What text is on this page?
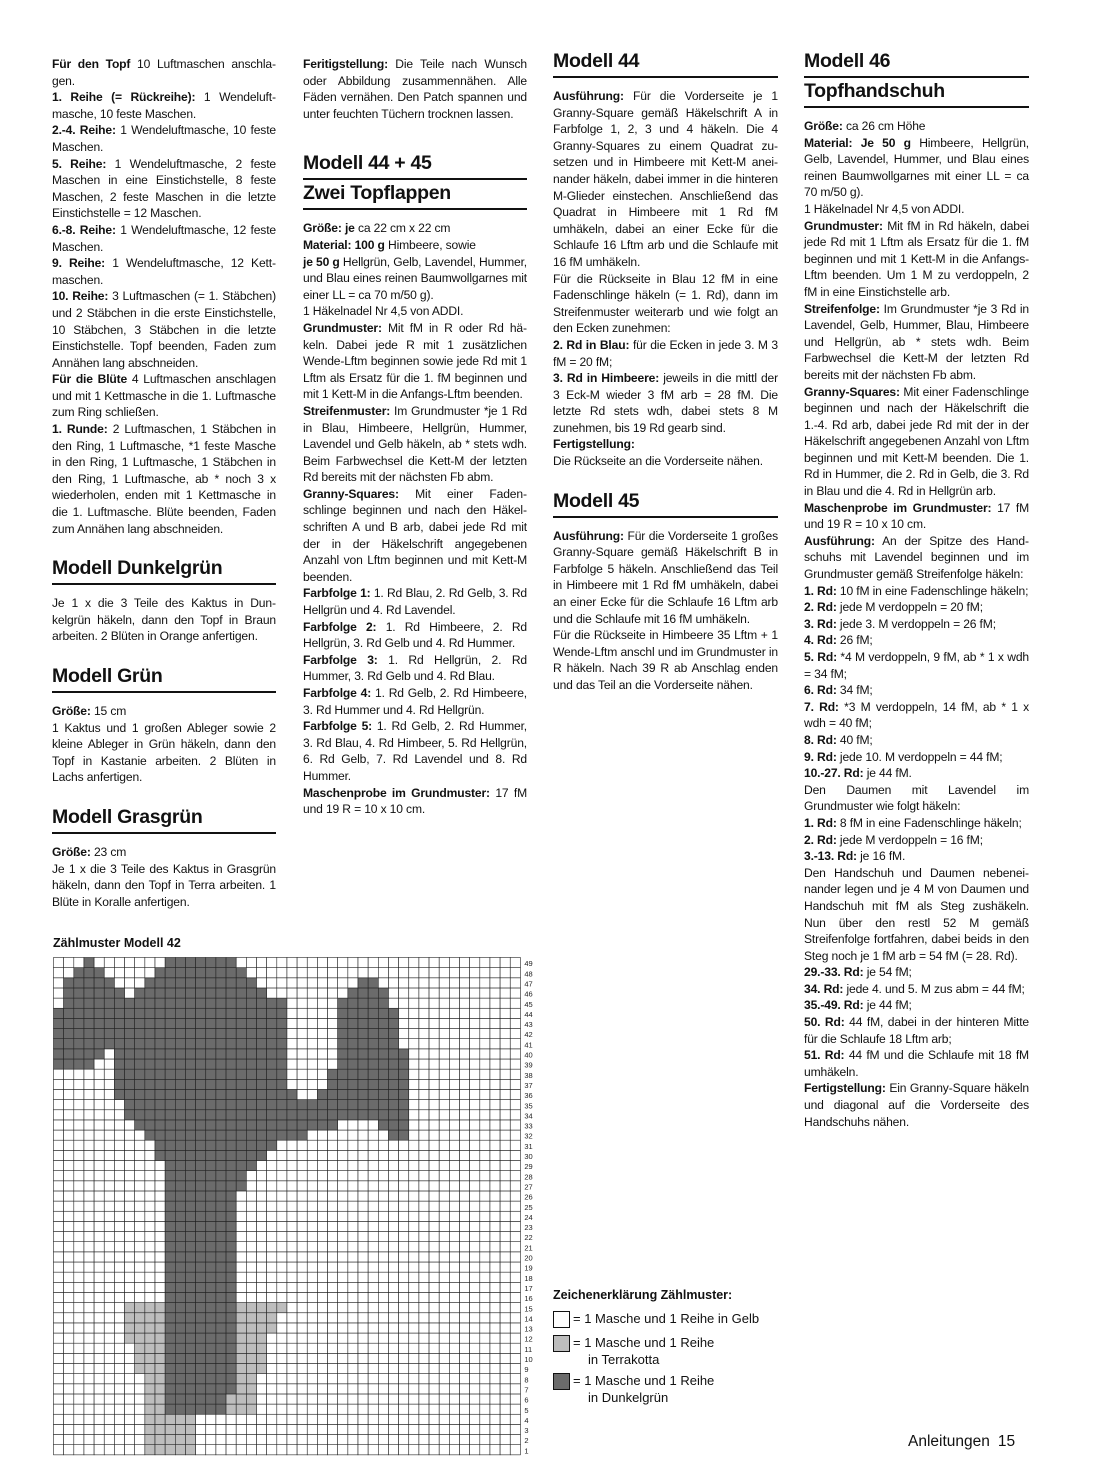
Für den Topf 10 Luftmaschen anschlagen.

1. Reihe (= Rückreihe): 1 Wendeluftmasche, 10 feste Maschen.

2.-4. Reihe: 1 Wendeluftmasche, 10 feste Maschen.

5. Reihe: 1 Wendeluftmasche, 2 feste Maschen in eine Einstichstelle, 8 feste Maschen, 2 feste Maschen in die letzte Einstichstelle = 12 Maschen.

6.-8. Reihe: 1 Wendeluftmasche, 12 feste Maschen.

9. Reihe: 1 Wendeluftmasche, 12 Kettmaschen.

10. Reihe: 3 Luftmaschen (= 1. Stäbchen) und 2 Stäbchen in die erste Einstichstelle, 10 Stäbchen, 3 Stäbchen in die letzte Einstichstelle. Topf beenden, Faden zum Annähen lang abschneiden.

Für die Blüte 4 Luftmaschen anschlagen und mit 1 Kettmasche in die 1. Luftmasche zum Ring schließen.

1. Runde: 2 Luftmaschen, 1 Stäbchen in den Ring, 1 Luftmasche, *1 feste Masche in den Ring, 1 Luftmasche, 1 Stäbchen in den Ring, 1 Luftmasche, ab * noch 3 x wiederholen, enden mit 1 Kettmasche in die 1. Luftmasche. Blüte beenden, Faden zum Annähen lang abschneiden.

Modell Dunkelgrün

Je 1 x die 3 Teile des Kaktus in Dunkelgrün häkeln, dann den Topf in Braun arbeiten. 2 Blüten in Orange anfertigen.

Modell Grün

Größe: 15 cm

1 Kaktus und 1 großen Ableger sowie 2 kleine Ableger in Grün häkeln, dann den Topf in Kastanie arbeiten. 2 Blüten in Lachs anfertigen.

Modell Grasgrün

Größe: 23 cm

Je 1 x die 3 Teile des Kaktus in Grasgrün häkeln, dann den Topf in Terra arbeiten. 1 Blüte in Koralle anfertigen.

Feritigstellung: Die Teile nach Wunsch oder Abbildung zusammennähen. Alle Fäden vernähen. Den Patch spannen und unter feuchten Tüchern trocknen lassen.

Modell 44 + 45
Zwei Topflappen

Größe: je ca 22 cm x 22 cm

Material: 100 g Himbeere, sowie

je 50 g Hellgrün, Gelb, Lavendel, Hummer, und Blau eines reinen Baumwollgarnes mit einer LL = ca 70 m/50 g).

1 Häkelnadel Nr 4,5 von ADDI.

Grundmuster: Mit fM in R oder Rd häkeln. Dabei jede R mit 1 zusätzlichen Wende-Lftm beginnen sowie jede Rd mit 1 Lftm als Ersatz für die 1. fM beginnen und mit 1 Kett-M in die Anfangs-Lftm beenden.

Streifenmuster: Im Grundmuster *je 1 Rd in Blau, Himbeere, Hellgrün, Hummer, Lavendel und Gelb häkeln, ab * stets wdh. Beim Farbwechsel die Kett-M der letzten Rd bereits mit der nächsten Fb abm.

Granny-Squares: Mit einer Fadenschlinge beginnen und nach den Häkelschriften A und B arb, dabei jede Rd mit der in der Häkelschrift angegebenen Anzahl von Lftm beginnen und mit Kett-M beenden.

Farbfolge 1: 1. Rd Blau, 2. Rd Gelb, 3. Rd Hellgrün und 4. Rd Lavendel.

Farbfolge 2: 1. Rd Himbeere, 2. Rd Hellgrün, 3. Rd Gelb und 4. Rd Hummer.

Farbfolge 3: 1. Rd Hellgrün, 2. Rd Hummer, 3. Rd Gelb und 4. Rd Blau.

Farbfolge 4: 1. Rd Gelb, 2. Rd Himbeere, 3. Rd Hummer und 4. Rd Hellgrün.

Farbfolge 5: 1. Rd Gelb, 2. Rd Hummer, 3. Rd Blau, 4. Rd Himbeer, 5. Rd Hellgrün, 6. Rd Gelb, 7. Rd Lavendel und 8. Rd Hummer.

Maschenprobe im Grundmuster: 17 fM und 19 R = 10 x 10 cm.

Modell 44

Ausführung: Für die Vorderseite je 1 Granny-Square gemäß Häkelschrift A in Farbfolge 1, 2, 3 und 4 häkeln. Die 4 Granny-Squares zu einem Quadrat zusetzen und in Himbeere mit Kett-M aneinander häkeln, dabei immer in die hinteren M-Glieder einstechen. Anschließend das Quadrat in Himbeere mit 1 Rd fM umhäkeln, dabei an einer Ecke für die Schlaufe 16 Lftm arb und die Schlaufe mit 16 fM umhäkeln.

Für die Rückseite in Blau 12 fM in eine Fadenschlinge häkeln (= 1. Rd), dann im Streifenmuster weiterarb und wie folgt an den Ecken zunehmen:

2. Rd in Blau: für die Ecken in jede 3. M 3 fM = 20 fM;

3. Rd in Himbeere: jeweils in die mittl der 3 Eck-M wieder 3 fM arb = 28 fM. Die letzte Rd stets wdh, dabei stets 8 M zunehmen, bis 19 Rd gearb sind.

Fertigstellung:

Die Rückseite an die Vorderseite nähen.

Modell 45

Ausführung: Für die Vorderseite 1 großes Granny-Square gemäß Häkelschrift B in Farbfolge 5 häkeln. Anschließend das Teil in Himbeere mit 1 Rd fM umhäkeln, dabei an einer Ecke für die Schlaufe 16 Lftm arb und die Schlaufe mit 16 fM umhäkeln.

Für die Rückseite in Himbeere 35 Lftm + 1 Wende-Lftm anschl und im Grundmuster in R häkeln. Nach 39 R ab Anschlag enden und das Teil an die Vorderseite nähen.

Modell 46
Topfhandschuh

Größe: ca 26 cm Höhe

Material: Je 50 g Himbeere, Hellgrün, Gelb, Lavendel, Hummer, und Blau eines reinen Baumwollgarnes mit einer LL = ca 70 m/50 g).

1 Häkelnadel Nr 4,5 von ADDI.

Grundmuster: Mit fM in Rd häkeln, dabei jede Rd mit 1 Lftm als Ersatz für die 1. fM beginnen und mit 1 Kett-M in die Anfangs-Lftm beenden. Um 1 M zu verdoppeln, 2 fM in eine Einstichstelle arb.

Streifenfolge: Im Grundmuster *je 3 Rd in Lavendel, Gelb, Hummer, Blau, Himbeere und Hellgrün, ab * stets wdh. Beim Farbwechsel die Kett-M der letzten Rd bereits mit der nächsten Fb abm.

Granny-Squares: Mit einer Fadenschlinge beginnen und nach der Häkelschrift die 1.-4. Rd arb, dabei jede Rd mit der in der Häkelschrift angegebenen Anzahl von Lftm beginnen und mit Kett-M beenden. Die 1. Rd in Hummer, die 2. Rd in Gelb, die 3. Rd in Blau und die 4. Rd in Hellgrün arb.

Maschenprobe im Grundmuster: 17 fM und 19 R = 10 x 10 cm.

Ausführung: An der Spitze des Handschuhs mit Lavendel beginnen und im Grundmuster gemäß Streifenfolge häkeln:

1. Rd: 10 fM in eine Fadenschlinge häkeln;

2. Rd: jede M verdoppeln = 20 fM;

3. Rd: jede 3. M verdoppeln = 26 fM;

4. Rd: 26 fM;

5. Rd: *4 M verdoppeln, 9 fM, ab * 1 x wdh = 34 fM;

6. Rd: 34 fM;

7. Rd: *3 M verdoppeln, 14 fM, ab * 1 x wdh = 40 fM;

8. Rd: 40 fM;

9. Rd: jede 10. M verdoppeln = 44 fM;

10.-27. Rd: je 44 fM.

Den Daumen mit Lavendel im Grundmuster wie folgt häkeln:

1. Rd: 8 fM in eine Fadenschlinge häkeln;

2. Rd: jede M verdoppeln = 16 fM;

3.-13. Rd: je 16 fM.

Den Handschuh und Daumen nebeneinander legen und je 4 M von Daumen und Handschuh mit fM als Steg zushäkeln. Nun über den restl 52 M gemäß Streifenfolge fortfahren, dabei beids in den Steg noch je 1 fM arb = 54 fM (= 28. Rd).

29.-33. Rd: je 54 fM;

34. Rd: jede 4. und 5. M zus abm = 44 fM;

35.-49. Rd: je 44 fM;

50. Rd: 44 fM, dabei in der hinteren Mitte für die Schlaufe 18 Lftm arb;

51. Rd: 44 fM und die Schlaufe mit 18 fM umhäkeln.

Fertigstellung: Ein Granny-Square häkeln und diagonal auf die Vorderseite des Handschuhs nähen.

Zählmuster Modell 42
49
48
47
46
45
44
43
42
41
40
39
38
37
36
35
34
33
32
31
30
29
28
27
26
25
24
23
22
21
20
19
18
17
16
15
14
13
12
11
10
9
8
7
6
5
4
3
2
1
Zeichenerklärung Zählmuster:
= 1 Masche und 1 Reihe in Gelb
= 1 Masche und 1 Reihe
in Terrakotta
= 1 Masche und 1 Reihe
in Dunkelgrün
Anleitungen 15
